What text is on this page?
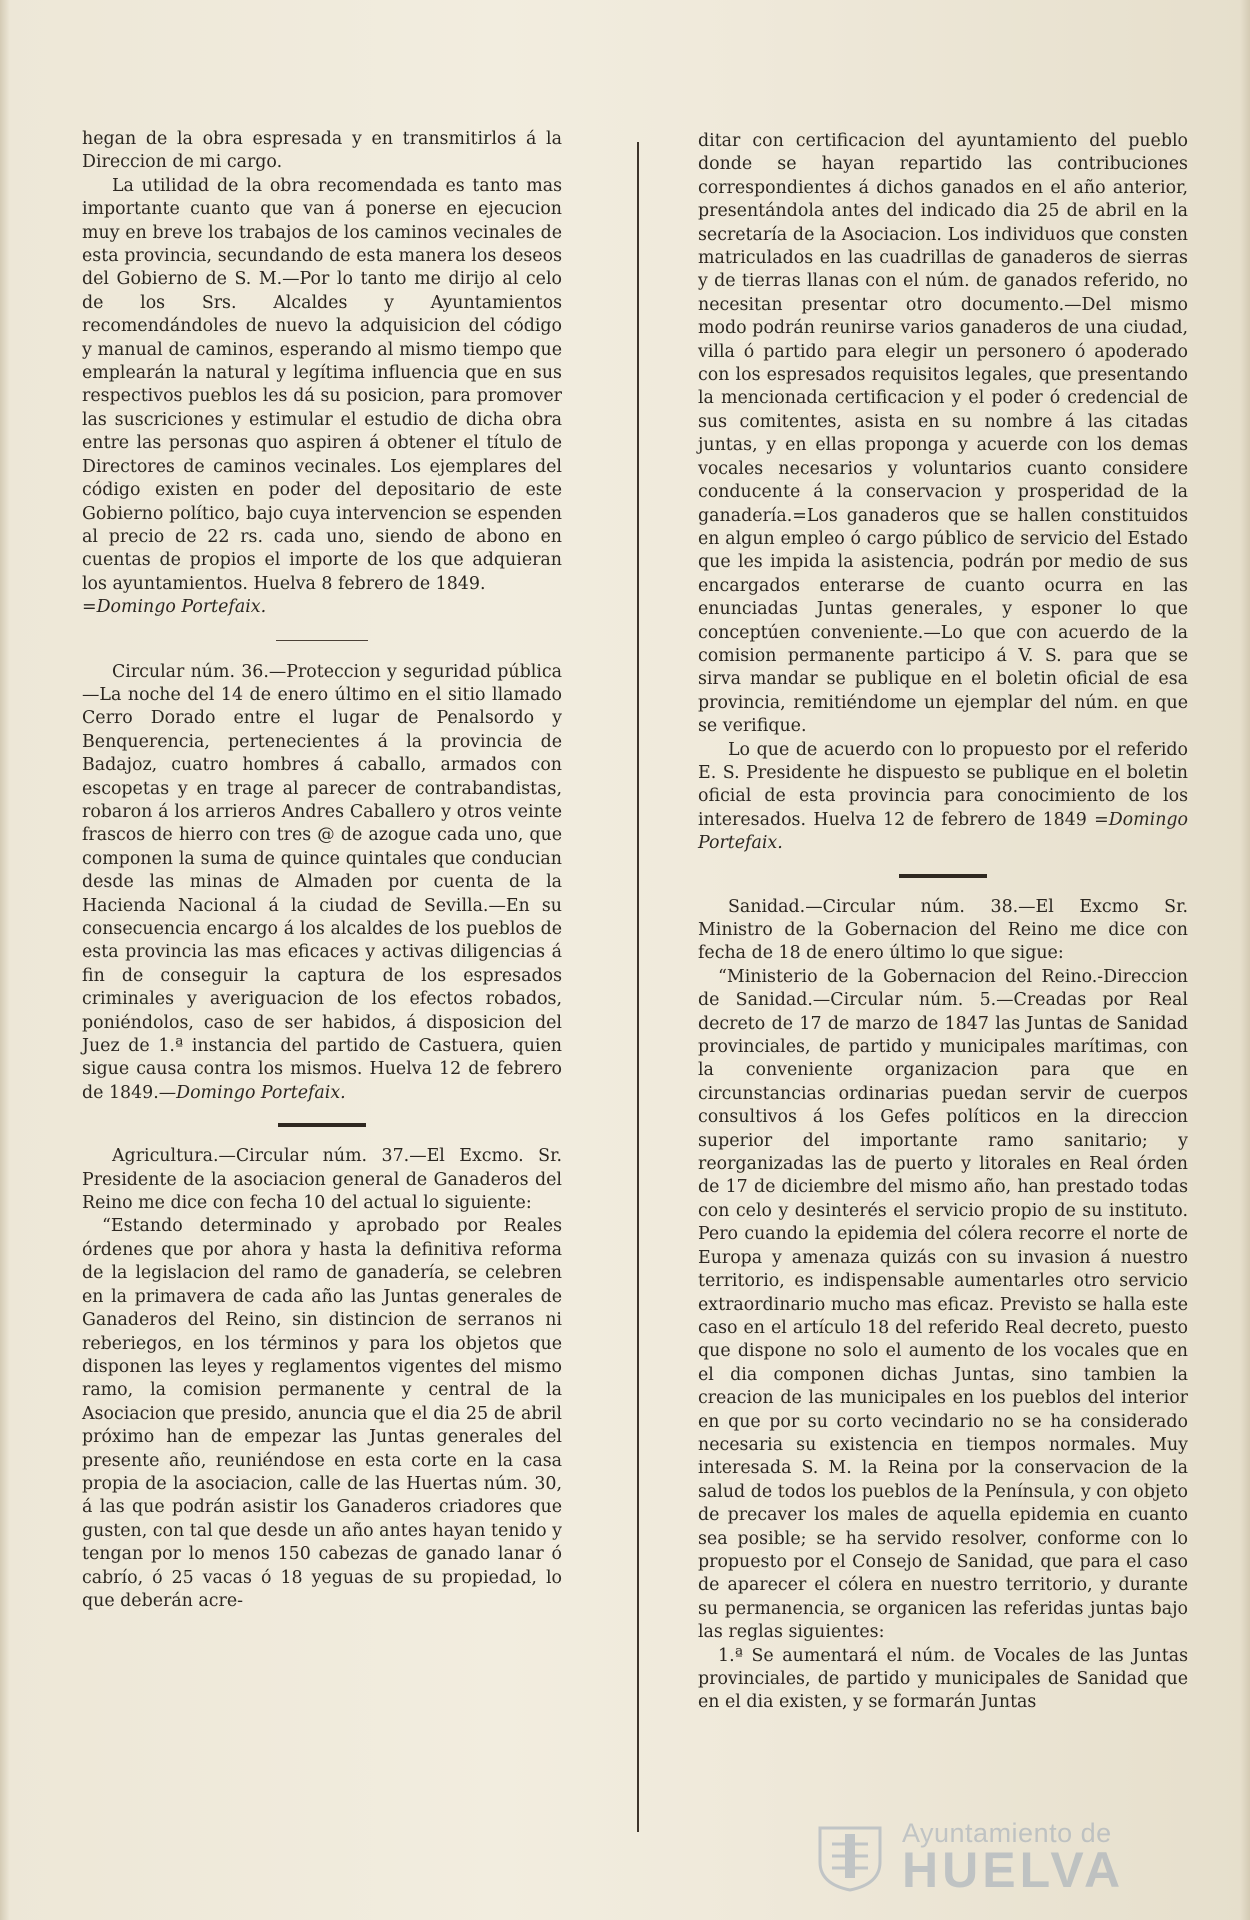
hegan de la obra espresada y en transmitirlos á la Direccion de mi cargo.

La utilidad de la obra recomendada es tanto mas importante cuanto que van á ponerse en ejecucion muy en breve los trabajos de los caminos vecinales de esta provincia, secundando de esta manera los deseos del Gobierno de S. M.—Por lo tanto me dirijo al celo de los Srs. Alcaldes y Ayuntamientos recomendándoles de nuevo la adquisicion del código y manual de caminos, esperando al mismo tiempo que emplearán la natural y legítima influencia que en sus respectivos pueblos les dá su posicion, para promover las suscriciones y estimular el estudio de dicha obra entre las personas quo aspiren á obtener el título de Directores de caminos vecinales. Los ejemplares del código existen en poder del depositario de este Gobierno político, bajo cuya intervencion se espenden al precio de 22 rs. cada uno, siendo de abono en cuentas de propios el importe de los que adquieran los ayuntamientos. Huelva 8 febrero de 1849.
=Domingo Portefaix.

Circular núm. 36.—Proteccion y seguridad pública —La noche del 14 de enero último en el sitio llamado Cerro Dorado entre el lugar de Penalsordo y Benquerencia, pertenecientes á la provincia de Badajoz, cuatro hombres á caballo, armados con escopetas y en trage al parecer de contrabandistas, robaron á los arrieros Andres Caballero y otros veinte frascos de hierro con tres @ de azogue cada uno, que componen la suma de quince quintales que conducian desde las minas de Almaden por cuenta de la Hacienda Nacional á la ciudad de Sevilla.—En su consecuencia encargo á los alcaldes de los pueblos de esta provincia las mas eficaces y activas diligencias á fin de conseguir la captura de los espresados criminales y averiguacion de los efectos robados, poniéndolos, caso de ser habidos, á disposicion del Juez de 1.ª instancia del partido de Castuera, quien sigue causa contra los mismos. Huelva 12 de febrero de 1849.—Domingo Portefaix.

Agricultura.—Circular núm. 37.—El Excmo. Sr. Presidente de la asociacion general de Ganaderos del Reino me dice con fecha 10 del actual lo siguiente:

“Estando determinado y aprobado por Reales órdenes que por ahora y hasta la definitiva reforma de la legislacion del ramo de ganadería, se celebren en la primavera de cada año las Juntas generales de Ganaderos del Reino, sin distincion de serranos ni reberiegos, en los términos y para los objetos que disponen las leyes y reglamentos vigentes del mismo ramo, la comision permanente y central de la Asociacion que presido, anuncia que el dia 25 de abril próximo han de empezar las Juntas generales del presente año, reuniéndose en esta corte en la casa propia de la asociacion, calle de las Huertas núm. 30, á las que podrán asistir los Ganaderos criadores que gusten, con tal que desde un año antes hayan tenido y tengan por lo menos 150 cabezas de ganado lanar ó cabrío, ó 25 vacas ó 18 yeguas de su propiedad, lo que deberán acre-

ditar con certificacion del ayuntamiento del pueblo donde se hayan repartido las contribuciones correspondientes á dichos ganados en el año anterior, presentándola antes del indicado dia 25 de abril en la secretaría de la Asociacion. Los individuos que consten matriculados en las cuadrillas de ganaderos de sierras y de tierras llanas con el núm. de ganados referido, no necesitan presentar otro documento.—Del mismo modo podrán reunirse varios ganaderos de una ciudad, villa ó partido para elegir un personero ó apoderado con los espresados requisitos legales, que presentando la mencionada certificacion y el poder ó credencial de sus comitentes, asista en su nombre á las citadas juntas, y en ellas proponga y acuerde con los demas vocales necesarios y voluntarios cuanto considere conducente á la conservacion y prosperidad de la ganadería.=Los ganaderos que se hallen constituidos en algun empleo ó cargo público de servicio del Estado que les impida la asistencia, podrán por medio de sus encargados enterarse de cuanto ocurra en las enunciadas Juntas generales, y esponer lo que conceptúen conveniente.—Lo que con acuerdo de la comision permanente participo á V. S. para que se sirva mandar se publique en el boletin oficial de esa provincia, remitiéndome un ejemplar del núm. en que se verifique.

Lo que de acuerdo con lo propuesto por el referido E. S. Presidente he dispuesto se publique en el boletin oficial de esta provincia para conocimiento de los interesados. Huelva 12 de febrero de 1849 =Domingo Portefaix.

Sanidad.—Circular núm. 38.—El Excmo Sr. Ministro de la Gobernacion del Reino me dice con fecha de 18 de enero último lo que sigue:

“Ministerio de la Gobernacion del Reino.-Direccion de Sanidad.—Circular núm. 5.—Creadas por Real decreto de 17 de marzo de 1847 las Juntas de Sanidad provinciales, de partido y municipales marítimas, con la conveniente organizacion para que en circunstancias ordinarias puedan servir de cuerpos consultivos á los Gefes políticos en la direccion superior del importante ramo sanitario; y reorganizadas las de puerto y litorales en Real órden de 17 de diciembre del mismo año, han prestado todas con celo y desinterés el servicio propio de su instituto. Pero cuando la epidemia del cólera recorre el norte de Europa y amenaza quizás con su invasion á nuestro territorio, es indispensable aumentarles otro servicio extraordinario mucho mas eficaz. Previsto se halla este caso en el artículo 18 del referido Real decreto, puesto que dispone no solo el aumento de los vocales que en el dia componen dichas Juntas, sino tambien la creacion de las municipales en los pueblos del interior en que por su corto vecindario no se ha considerado necesaria su existencia en tiempos normales. Muy interesada S. M. la Reina por la conservacion de la salud de todos los pueblos de la Península, y con objeto de precaver los males de aquella epidemia en cuanto sea posible; se ha servido resolver, conforme con lo propuesto por el Consejo de Sanidad, que para el caso de aparecer el cólera en nuestro territorio, y durante su permanencia, se organicen las referidas juntas bajo las reglas siguientes:

1.ª Se aumentará el núm. de Vocales de las Juntas provinciales, de partido y municipales de Sanidad que en el dia existen, y se formarán Juntas

Ayuntamiento de
HUELVA
